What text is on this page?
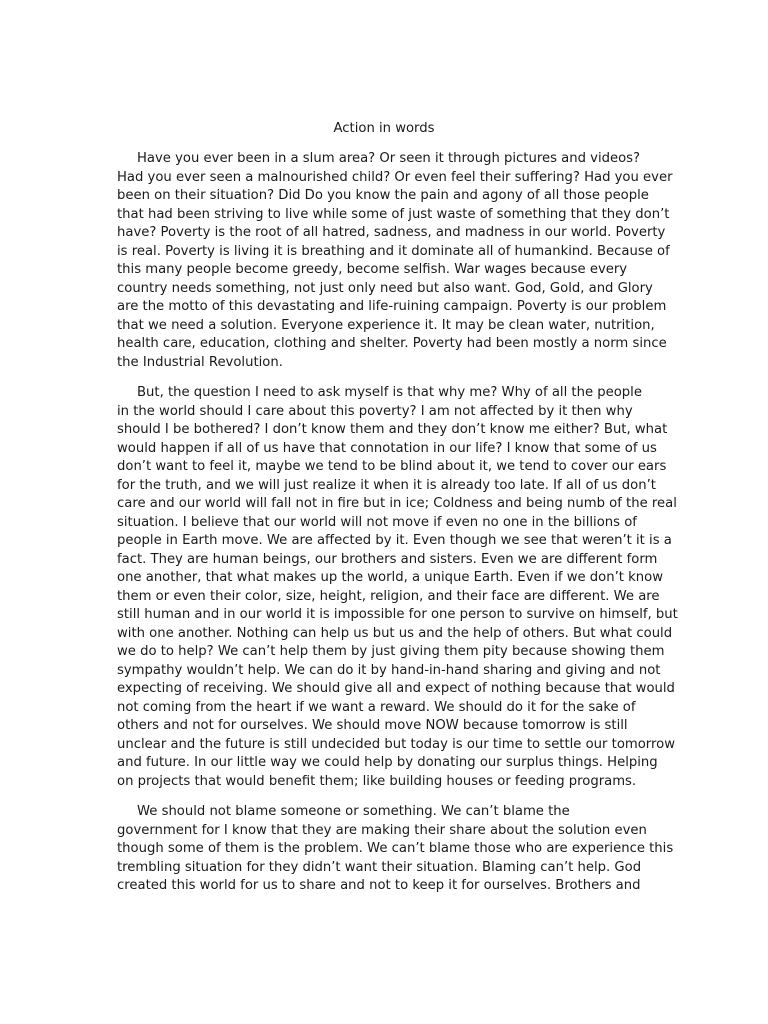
Action in words
Have you ever been in a slum area? Or seen it through pictures and videos?
Had you ever seen a malnourished child? Or even feel their suffering? Had you ever
been on their situation? Did Do you know the pain and agony of all those people
that had been striving to live while some of just waste of something that they don’t
have? Poverty is the root of all hatred, sadness, and madness in our world. Poverty
is real. Poverty is living it is breathing and it dominate all of humankind. Because of
this many people become greedy, become selfish. War wages because every
country needs something, not just only need but also want. God, Gold, and Glory
are the motto of this devastating and life-ruining campaign. Poverty is our problem
that we need a solution. Everyone experience it. It may be clean water, nutrition,
health care, education, clothing and shelter. Poverty had been mostly a norm since
the Industrial Revolution.
But, the question I need to ask myself is that why me? Why of all the people
in the world should I care about this poverty? I am not affected by it then why
should I be bothered? I don’t know them and they don’t know me either? But, what
would happen if all of us have that connotation in our life? I know that some of us
don’t want to feel it, maybe we tend to be blind about it, we tend to cover our ears
for the truth, and we will just realize it when it is already too late. If all of us don’t
care and our world will fall not in fire but in ice; Coldness and being numb of the real
situation. I believe that our world will not move if even no one in the billions of
people in Earth move. We are affected by it. Even though we see that weren’t it is a
fact. They are human beings, our brothers and sisters. Even we are different form
one another, that what makes up the world, a unique Earth. Even if we don’t know
them or even their color, size, height, religion, and their face are different. We are
still human and in our world it is impossible for one person to survive on himself, but
with one another. Nothing can help us but us and the help of others. But what could
we do to help? We can’t help them by just giving them pity because showing them
sympathy wouldn’t help. We can do it by hand-in-hand sharing and giving and not
expecting of receiving. We should give all and expect of nothing because that would
not coming from the heart if we want a reward. We should do it for the sake of
others and not for ourselves. We should move NOW because tomorrow is still
unclear and the future is still undecided but today is our time to settle our tomorrow
and future. In our little way we could help by donating our surplus things. Helping
on projects that would benefit them; like building houses or feeding programs.
We should not blame someone or something. We can’t blame the
government for I know that they are making their share about the solution even
though some of them is the problem. We can’t blame those who are experience this
trembling situation for they didn’t want their situation. Blaming can’t help. God
created this world for us to share and not to keep it for ourselves. Brothers and
